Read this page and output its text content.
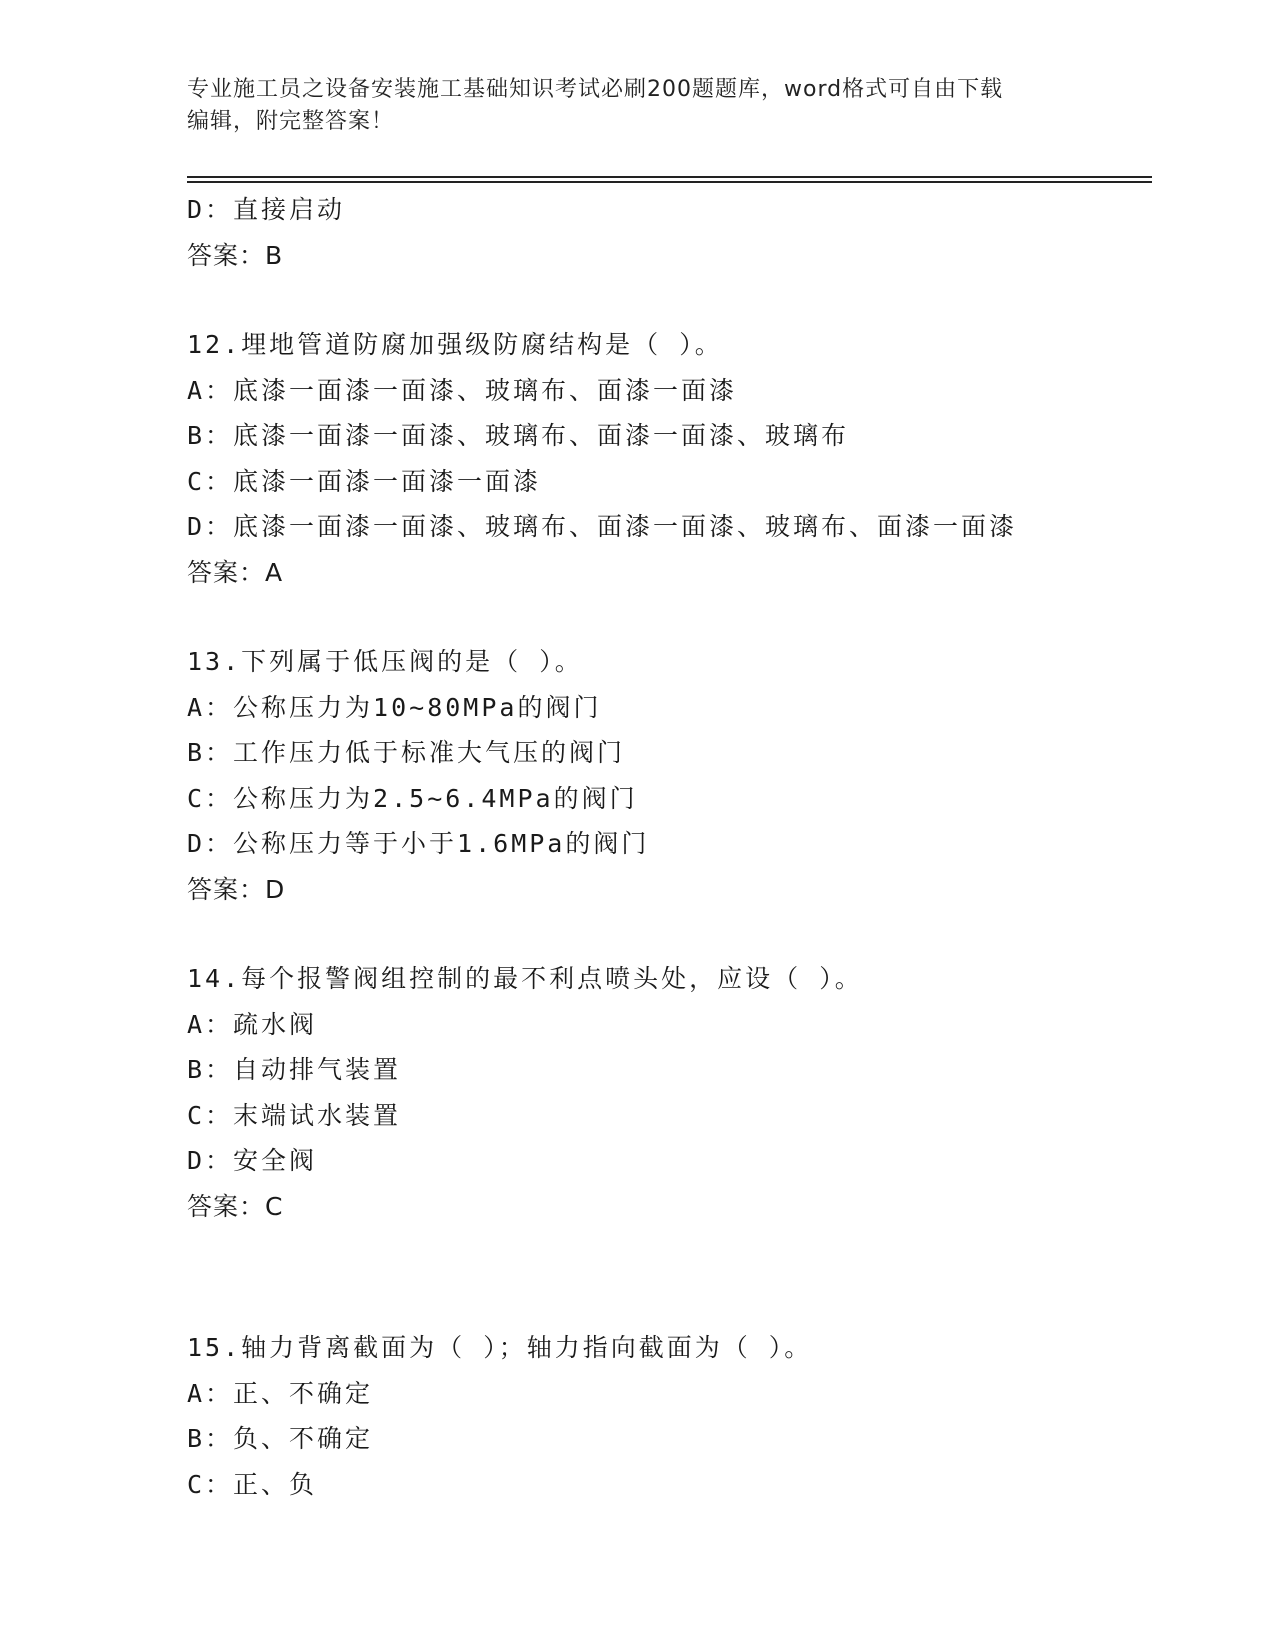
专业施工员之设备安装施工基础知识考试必刷200题题库，word格式可自由下载
编辑，附完整答案！
D：直接启动
答案：B
12.埋地管道防腐加强级防腐结构是（ ）。
A：底漆一面漆一面漆、玻璃布、面漆一面漆
B：底漆一面漆一面漆、玻璃布、面漆一面漆、玻璃布
C：底漆一面漆一面漆一面漆
D：底漆一面漆一面漆、玻璃布、面漆一面漆、玻璃布、面漆一面漆
答案：A
13.下列属于低压阀的是（ ）。
A：公称压力为10~80MPa的阀门
B：工作压力低于标准大气压的阀门
C：公称压力为2.5~6.4MPa的阀门
D：公称压力等于小于1.6MPa的阀门
答案：D
14.每个报警阀组控制的最不利点喷头处，应设（ ）。
A：疏水阀
B：自动排气装置
C：末端试水装置
D：安全阀
答案：C
15.轴力背离截面为（ ）；轴力指向截面为（ ）。
A：正、不确定
B：负、不确定
C：正、负
